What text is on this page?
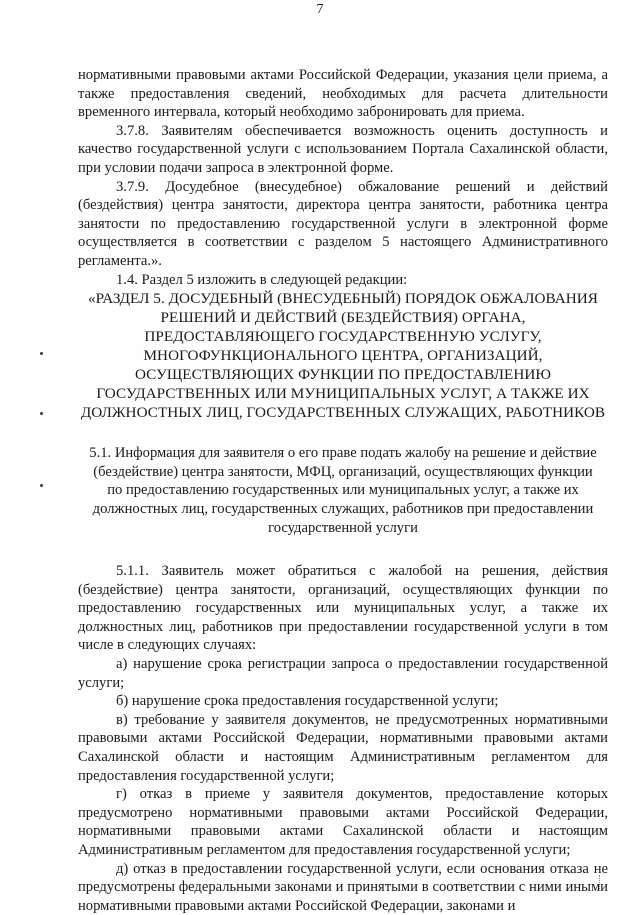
7

нормативными правовыми актами Российской Федерации, указания цели приема, а также предоставления сведений, необходимых для расчета длительности временного интервала, который необходимо забронировать для приема.

3.7.8. Заявителям обеспечивается возможность оценить доступность и качество государственной услуги с использованием Портала Сахалинской области, при условии подачи запроса в электронной форме.

3.7.9. Досудебное (внесудебное) обжалование решений и действий (бездействия) центра занятости, директора центра занятости, работника центра занятости по предоставлению государственной услуги в электронной форме осуществляется в соответствии с разделом 5 настоящего Административного регламента.».

1.4. Раздел 5 изложить в следующей редакции:

«РАЗДЕЛ 5. ДОСУДЕБНЫЙ (ВНЕСУДЕБНЫЙ) ПОРЯДОК ОБЖАЛОВАНИЯ РЕШЕНИЙ И ДЕЙСТВИЙ (БЕЗДЕЙСТВИЯ) ОРГАНА, ПРЕДОСТАВЛЯЮЩЕГО ГОСУДАРСТВЕННУЮ УСЛУГУ, МНОГОФУНКЦИОНАЛЬНОГО ЦЕНТРА, ОРГАНИЗАЦИЙ, ОСУЩЕСТВЛЯЮЩИХ ФУНКЦИИ ПО ПРЕДОСТАВЛЕНИЮ ГОСУДАРСТВЕННЫХ ИЛИ МУНИЦИПАЛЬНЫХ УСЛУГ, А ТАКЖЕ ИХ ДОЛЖНОСТНЫХ ЛИЦ, ГОСУДАРСТВЕННЫХ СЛУЖАЩИХ, РАБОТНИКОВ

5.1. Информация для заявителя о его праве подать жалобу на решение и действие (бездействие) центра занятости, МФЦ, организаций, осуществляющих функции по предоставлению государственных или муниципальных услуг, а также их должностных лиц, государственных служащих, работников при предоставлении государственной услуги

5.1.1. Заявитель может обратиться с жалобой на решения, действия (бездействие) центра занятости, организаций, осуществляющих функции по предоставлению государственных или муниципальных услуг, а также их должностных лиц, работников при предоставлении государственной услуги в том числе в следующих случаях:

а) нарушение срока регистрации запроса о предоставлении государственной услуги;

б) нарушение срока предоставления государственной услуги;

в) требование у заявителя документов, не предусмотренных нормативными правовыми актами Российской Федерации, нормативными правовыми актами Сахалинской области и настоящим Административным регламентом для предоставления государственной услуги;

г) отказ в приеме у заявителя документов, предоставление которых предусмотрено нормативными правовыми актами Российской Федерации, нормативными правовыми актами Сахалинской области и настоящим Административным регламентом для предоставления государственной услуги;

д) отказ в предоставлении государственной услуги, если основания отказа не предусмотрены федеральными законами и принятыми в соответствии с ними иными нормативными правовыми актами Российской Федерации, законами и
